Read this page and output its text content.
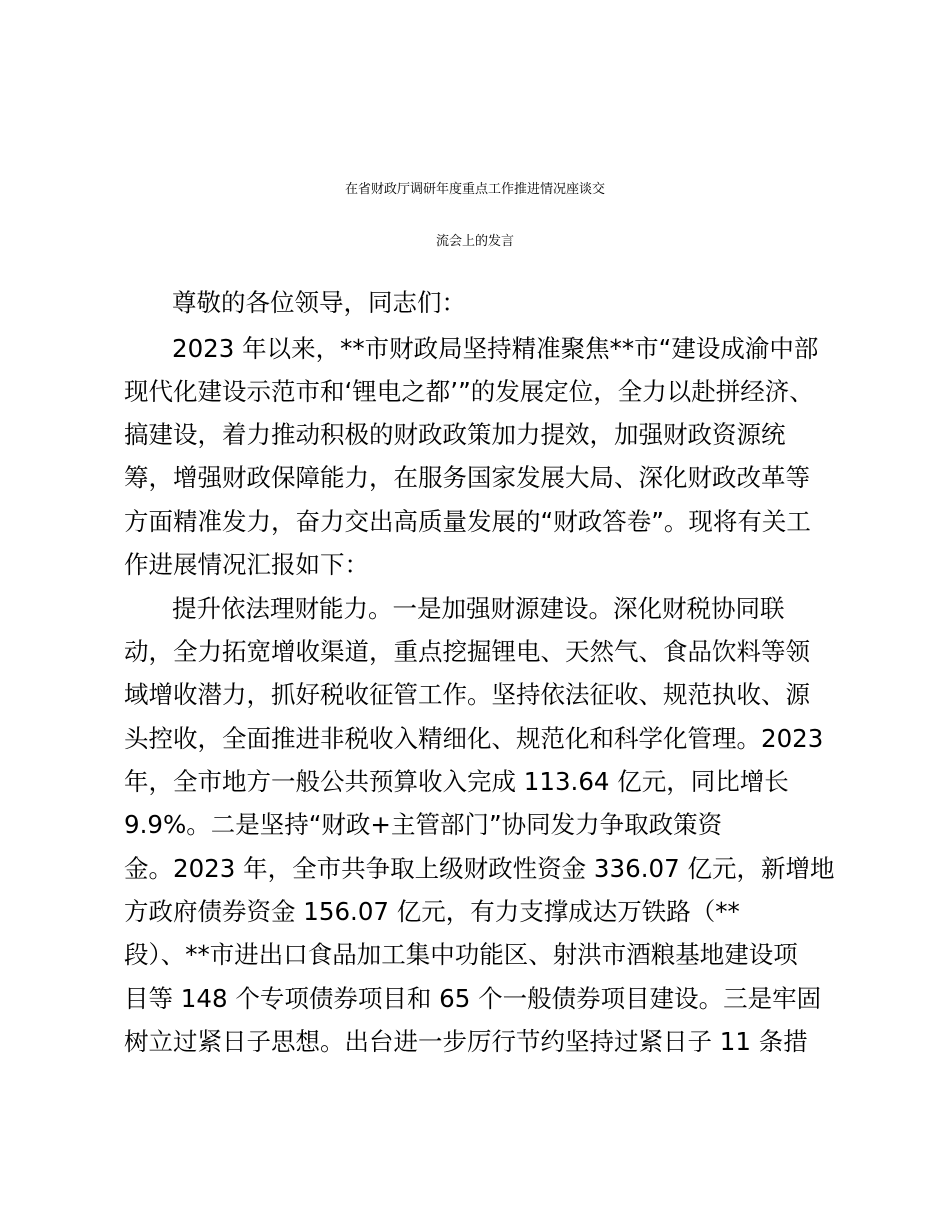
在省财政厅调研年度重点工作推进情况座谈交
流会上的发言
尊敬的各位领导，同志们：
2023 年以来，**市财政局坚持精准聚焦**市“建设成渝中部
现代化建设示范市和‘锂电之都’”的发展定位，全力以赴拼经济、
搞建设，着力推动积极的财政政策加力提效，加强财政资源统
筹，增强财政保障能力，在服务国家发展大局、深化财政改革等
方面精准发力，奋力交出高质量发展的“财政答卷”。现将有关工
作进展情况汇报如下：
提升依法理财能力。一是加强财源建设。深化财税协同联
动，全力拓宽增收渠道，重点挖掘锂电、天然气、食品饮料等领
域增收潜力，抓好税收征管工作。坚持依法征收、规范执收、源
头控收，全面推进非税收入精细化、规范化和科学化管理。2023
年，全市地方一般公共预算收入完成 113.64 亿元，同比增长
9.9%。二是坚持“财政+主管部门”协同发力争取政策资
金。2023 年，全市共争取上级财政性资金 336.07 亿元，新增地
方政府债券资金 156.07 亿元，有力支撑成达万铁路（**
段）、**市进出口食品加工集中功能区、射洪市酒粮基地建设项
目等 148 个专项债券项目和 65 个一般债券项目建设。三是牢固
树立过紧日子思想。出台进一步厉行节约坚持过紧日子 11 条措
